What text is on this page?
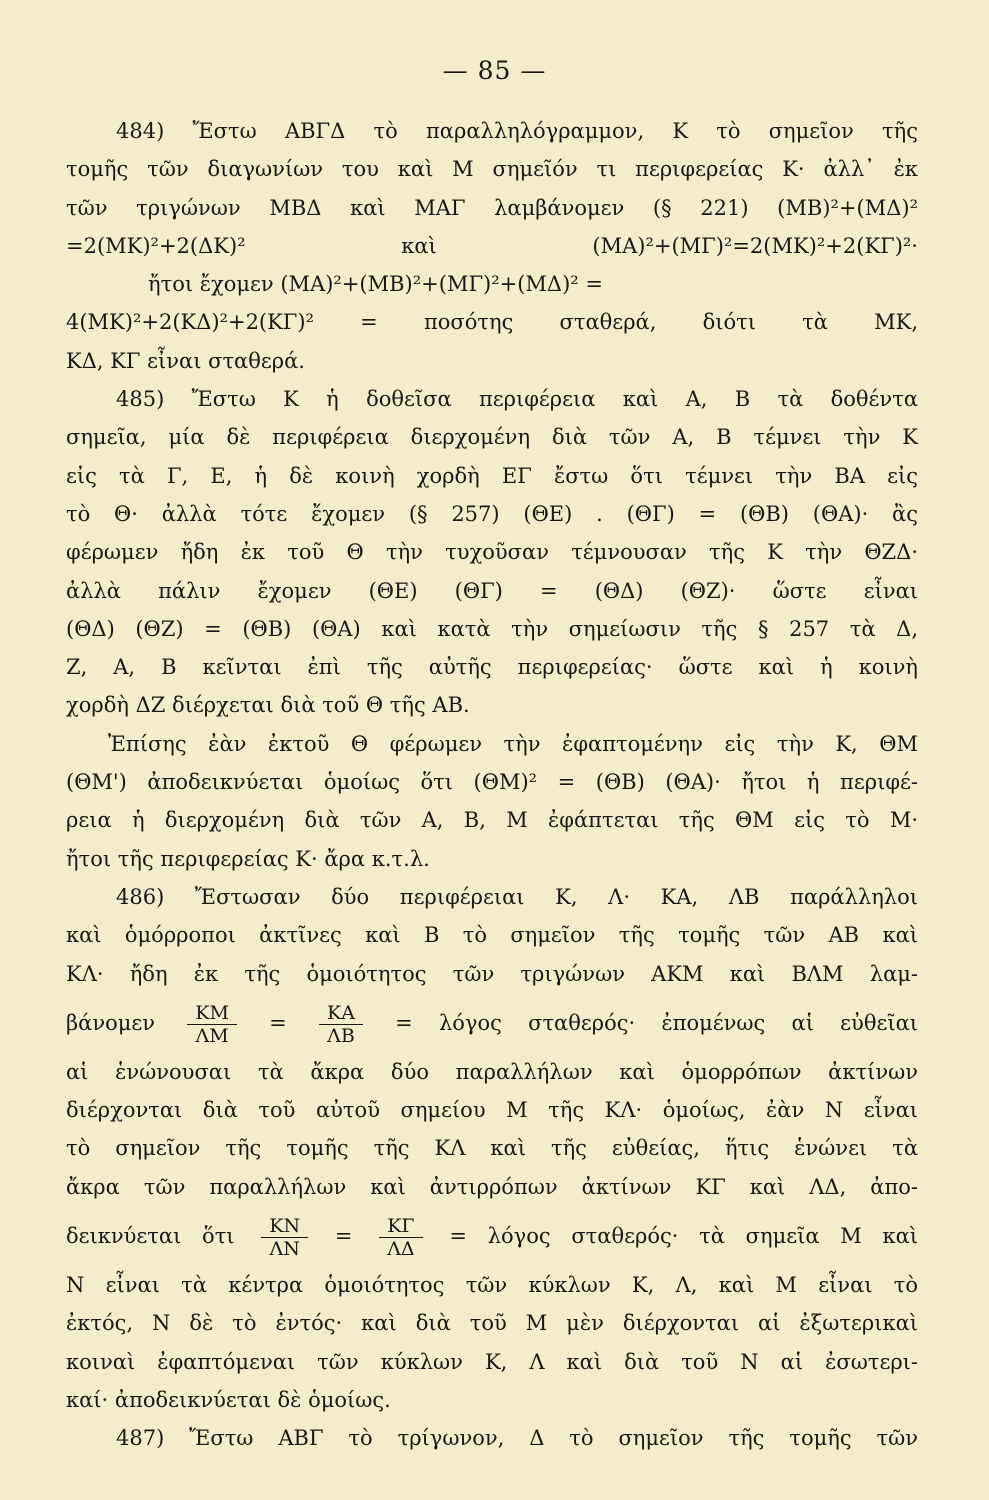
— 85 —
484) Ἔστω ΑΒΓΔ τὸ παραλληλόγραμμον, Κ τὸ σημεῖον τῆς
τομῆς τῶν διαγωνίων του καὶ Μ σημεῖόν τι περιφερείας Κ· ἀλλ᾽ ἐκ
τῶν τριγώνων ΜΒΔ καὶ ΜΑΓ λαμβάνομεν (§ 221) (ΜΒ)²+(ΜΔ)²
=2(ΜΚ)²+2(ΔΚ)² καὶ (ΜΑ)²+(ΜΓ)²=2(ΜΚ)²+2(ΚΓ)²·
ἤτοι ἔχομεν (ΜΑ)²+(ΜΒ)²+(ΜΓ)²+(ΜΔ)² =
4(ΜΚ)²+2(ΚΔ)²+2(ΚΓ)² = ποσότης σταθερά, διότι τὰ ΜΚ,
ΚΔ, ΚΓ εἶναι σταθερά.
485) Ἔστω Κ ἡ δοθεῖσα περιφέρεια καὶ Α, Β τὰ δοθέντα
σημεῖα, μία δὲ περιφέρεια διερχομένη διὰ τῶν Α, Β τέμνει τὴν Κ
εἰς τὰ Γ, Ε, ἡ δὲ κοινὴ χορδὴ ΕΓ ἔστω ὅτι τέμνει τὴν ΒΑ εἰς
τὸ Θ· ἀλλὰ τότε ἔχομεν (§ 257) (ΘΕ) . (ΘΓ) = (ΘΒ) (ΘΑ)· ἂς
φέρωμεν ἤδη ἐκ τοῦ Θ τὴν τυχοῦσαν τέμνουσαν τῆς Κ τὴν ΘΖΔ·
ἀλλὰ πάλιν ἔχομεν (ΘΕ) (ΘΓ) = (ΘΔ) (ΘΖ)· ὥστε εἶναι
(ΘΔ) (ΘΖ) = (ΘΒ) (ΘΑ) καὶ κατὰ τὴν σημείωσιν τῆς § 257 τὰ Δ,
Ζ, Α, Β κεῖνται ἐπὶ τῆς αὐτῆς περιφερείας· ὥστε καὶ ἡ κοινὴ
χορδὴ ΔΖ διέρχεται διὰ τοῦ Θ τῆς ΑΒ.
Ἐπίσης ἐὰν ἐκτοῦ Θ φέρωμεν τὴν ἐφαπτομένην εἰς τὴν Κ, ΘΜ
(ΘΜ') ἀποδεικνύεται ὁμοίως ὅτι (ΘΜ)² = (ΘΒ) (ΘΑ)· ἤτοι ἡ περιφέ-
ρεια ἡ διερχομένη διὰ τῶν Α, Β, Μ ἐφάπτεται τῆς ΘΜ εἰς τὸ Μ·
ἤτοι τῆς περιφερείας Κ· ἄρα κ.τ.λ.
486) Ἔστωσαν δύο περιφέρειαι Κ, Λ· ΚΑ, ΛΒ παράλληλοι
καὶ ὁμόρροποι ἀκτῖνες καὶ Β τὸ σημεῖον τῆς τομῆς τῶν ΑΒ καὶ
ΚΛ· ἤδη ἐκ τῆς ὁμοιότητος τῶν τριγώνων ΑΚΜ καὶ ΒΛΜ λαμ-
βάνομεν $\frac{KM}{\Lambda M} = \frac{KA}{\Lambda B} = \lambda ό\gamma o\varsigma$ σταθερός· ἐπομένως αἱ εὐθεῖαι
αἱ ἑνώνουσαι τὰ ἄκρα δύο παραλλήλων καὶ ὁμορρόπων ἀκτίνων
διέρχονται διὰ τοῦ αὐτοῦ σημείου Μ τῆς ΚΛ· ὁμοίως, ἐὰν Ν εἶναι
τὸ σημεῖον τῆς τομῆς τῆς ΚΛ καὶ τῆς εὐθείας, ἥτις ἑνώνει τὰ
ἄκρα τῶν παραλλήλων καὶ ἀντιρρόπων ἀκτίνων ΚΓ καὶ ΛΔ, ἀπο-
δεικνύεται ὅτι $\frac{KN}{\Lambda N} = \frac{K\Gamma}{\Lambda\Delta} = \lambda ό\gamma o\varsigma$ σταθερός· τὰ σημεῖα Μ καὶ
Ν εἶναι τὰ κέντρα ὁμοιότητος τῶν κύκλων Κ, Λ, καὶ Μ εἶναι τὸ
ἐκτός, Ν δὲ τὸ ἐντός· καὶ διὰ τοῦ Μ μὲν διέρχονται αἱ ἐξωτερικαὶ
κοιναὶ ἐφαπτόμεναι τῶν κύκλων Κ, Λ καὶ διὰ τοῦ Ν αἱ ἐσωτερι-
καί· ἀποδεικνύεται δὲ ὁμοίως.
487) Ἔστω ΑΒΓ τὸ τρίγωνον, Δ τὸ σημεῖον τῆς τομῆς τῶν
